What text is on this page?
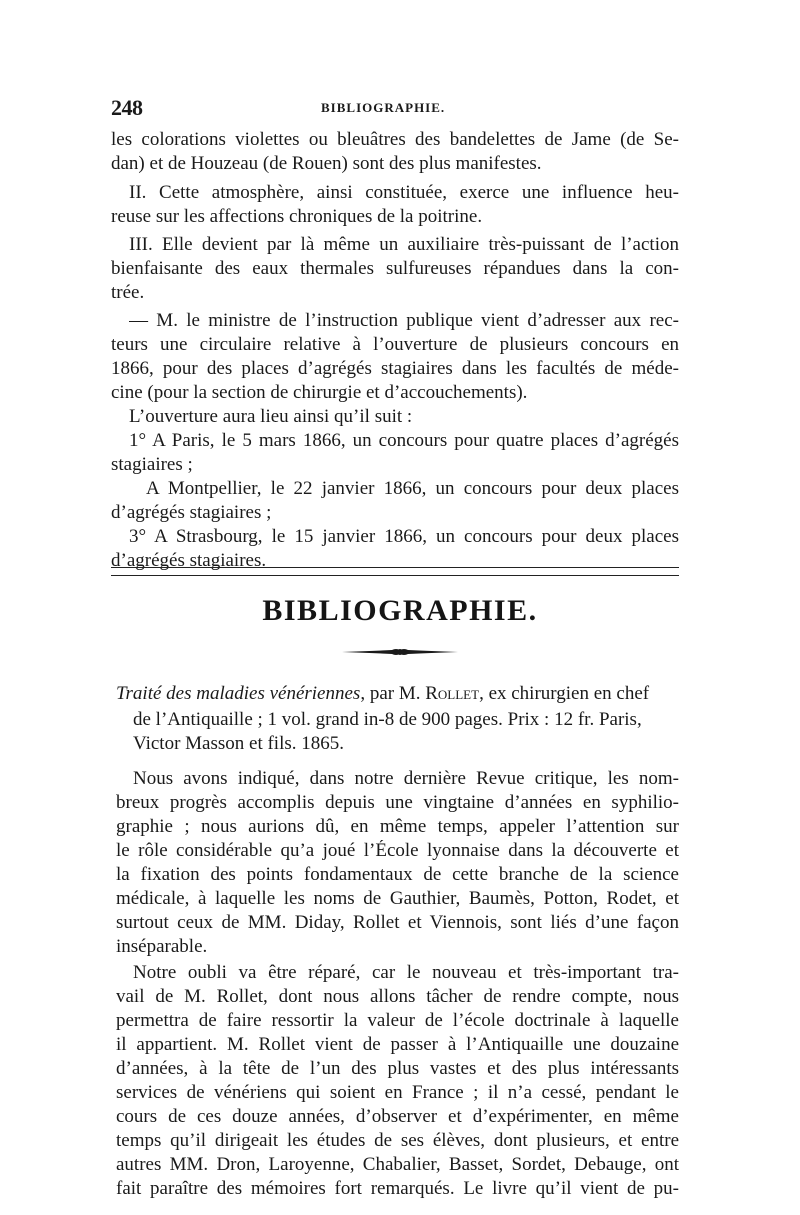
248	BIBLIOGRAPHIE.
les colorations violettes ou bleuâtres des bandelettes de Jame (de Se-
dan) et de Houzeau (de Rouen) sont des plus manifestes.
II. Cette atmosphère, ainsi constituée, exerce une influence heu-
reuse sur les affections chroniques de la poitrine.
III. Elle devient par là même un auxiliaire très-puissant de l’action
bienfaisante des eaux thermales sulfureuses répandues dans la con-
trée.
— M. le ministre de l’instruction publique vient d’adresser aux rec-
teurs une circulaire relative à l’ouverture de plusieurs concours en
1866, pour des places d’agrégés stagiaires dans les facultés de méde-
cine (pour la section de chirurgie et d’accouchements).
L’ouverture aura lieu ainsi qu’il suit :
1° A Paris, le 5 mars 1866, un concours pour quatre places d’agrégés
stagiaires ;
A Montpellier, le 22 janvier 1866, un concours pour deux places
d’agrégés stagiaires ;
3° A Strasbourg, le 15 janvier 1866, un concours pour deux places
d’agrégés stagiaires.
BIBLIOGRAPHIE.
Traité des maladies vénériennes, par M. Rollet, ex chirurgien en chef
de l’Antiquaille ; 1 vol. grand in-8 de 900 pages. Prix : 12 fr. Paris,
Victor Masson et fils. 1865.
Nous avons indiqué, dans notre dernière Revue critique, les nom-
breux progrès accomplis depuis une vingtaine d’années en syphilio-
graphie ; nous aurions dû, en même temps, appeler l’attention sur
le rôle considérable qu’a joué l’École lyonnaise dans la découverte et
la fixation des points fondamentaux de cette branche de la science
médicale, à laquelle les noms de Gauthier, Baumès, Potton, Rodet, et
surtout ceux de MM. Diday, Rollet et Viennois, sont liés d’une façon
inséparable.
Notre oubli va être réparé, car le nouveau et très-important tra-
vail de M. Rollet, dont nous allons tâcher de rendre compte, nous
permettra de faire ressortir la valeur de l’école doctrinale à laquelle
il appartient. M. Rollet vient de passer à l’Antiquaille une douzaine
d’années, à la tête de l’un des plus vastes et des plus intéressants
services de vénériens qui soient en France ; il n’a cessé, pendant le
cours de ces douze années, d’observer et d’expérimenter, en même
temps qu’il dirigeait les études de ses élèves, dont plusieurs, et entre
autres MM. Dron, Laroyenne, Chabalier, Basset, Sordet, Debauge, ont
fait paraître des mémoires fort remarqués. Le livre qu’il vient de pu-
